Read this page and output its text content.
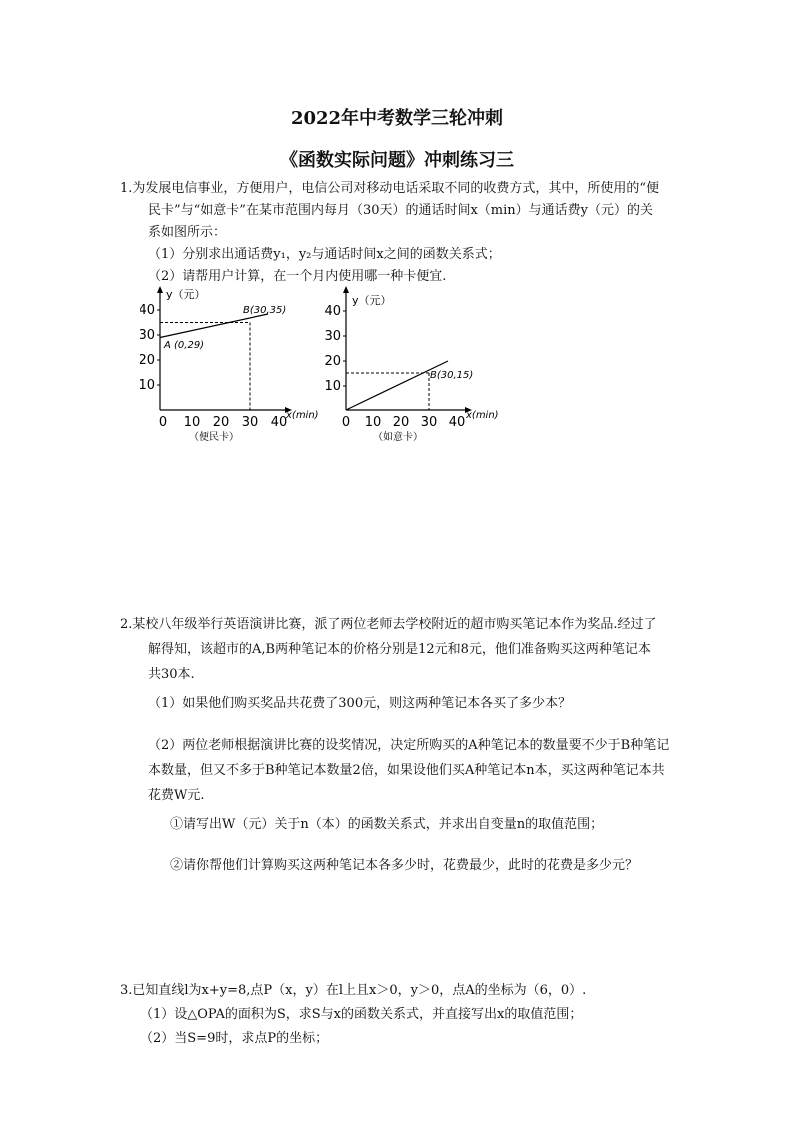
2022年中考数学三轮冲刺
《函数实际问题》冲刺练习三

1.为发展电信事业，方便用户，电信公司对移动电话采取不同的收费方式，其中，所使用的“便

民卡”与“如意卡”在某市范围内每月（30天）的通话时间x（min）与通话费y（元）的关

系如图所示：

（1）分别求出通话费y₁，y₂与通话时间x之间的函数关系式；

（2）请帮用户计算，在一个月内使用哪一种卡便宜.

y（元）
40
30
20
10
0 10 20 30 40
x(min)
A (0,29)
B(30,35)
（便民卡）
y（元）
40
30
20
10
0 10 20 30 40 x(min)
B(30,15)
（如意卡）

2.某校八年级举行英语演讲比赛，派了两位老师去学校附近的超市购买笔记本作为奖品.经过了

解得知，该超市的A,B两种笔记本的价格分别是12元和8元，他们准备购买这两种笔记本

共30本.

（1）如果他们购买奖品共花费了300元，则这两种笔记本各买了多少本？

（2）两位老师根据演讲比赛的设奖情况，决定所购买的A种笔记本的数量要不少于B种笔记

本数量，但又不多于B种笔记本数量2倍，如果设他们买A种笔记本n本，买这两种笔记本共

花费W元.

①请写出W（元）关于n（本）的函数关系式，并求出自变量n的取值范围；
②请你帮他们计算购买这两种笔记本各多少时，花费最少，此时的花费是多少元？

3.已知直线l为x+y=8,点P（x，y）在l上且x＞0，y＞0，点A的坐标为（6，0）.

（1）设△OPA的面积为S，求S与x的函数关系式，并直接写出x的取值范围；

（2）当S=9时，求点P的坐标；
